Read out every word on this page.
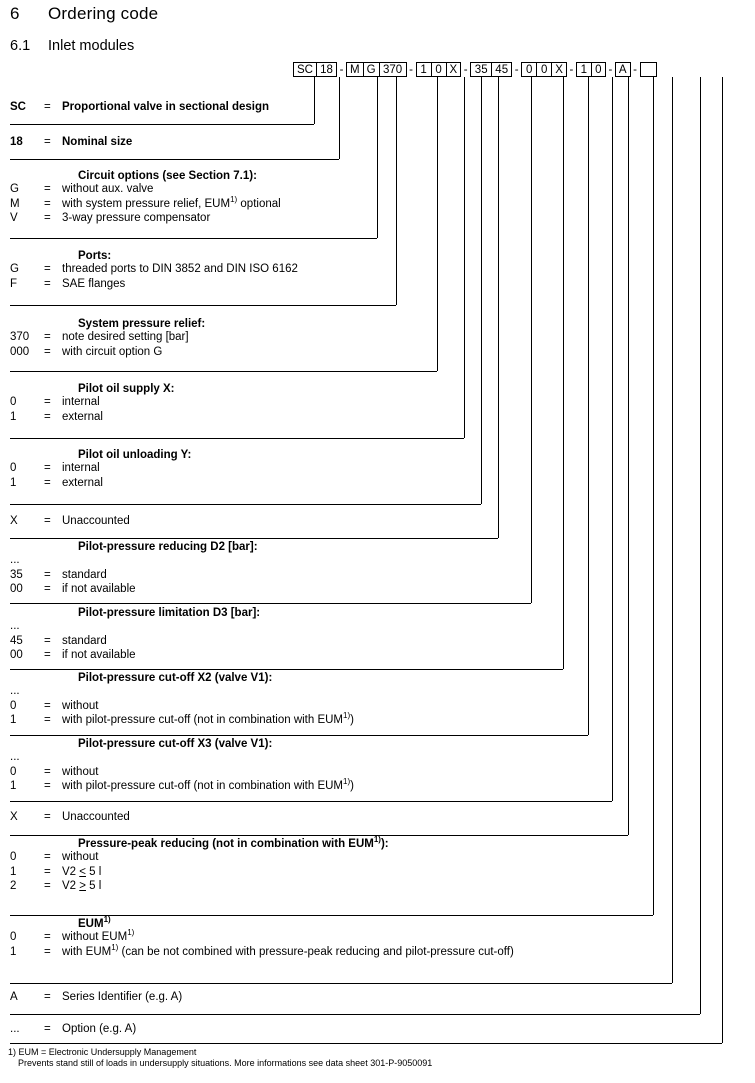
6 Ordering code
6.1 Inlet modules
SC 18 - M G 370 - 1 0 X - 35 45 - 0 0 X - 1 0 - A -
SC	= Proportional valve in sectional design
18	= Nominal size
Circuit options (see Section 7.1):
G	= without aux. valve
M	= with system pressure relief, EUM$^{1)}$ optional
V	= 3-way pressure compensator
Ports:
G	= threaded ports to DIN 3852 and DIN ISO 6162
F	= SAE flanges
System pressure relief:
370	= note desired setting [bar]
000	= with circuit option G
Pilot oil supply X:
0	= internal
1	= external
Pilot oil unloading Y:
0	= internal
1	= external
X	= Unaccounted
Pilot-pressure reducing D2 [bar]:
...
35	= standard
00	= if not available
Pilot-pressure limitation D3 [bar]:
...
45	= standard
00	= if not available
Pilot-pressure cut-off X2 (valve V1):
...
0	= without
1	= with pilot-pressure cut-off (not in combination with EUM$^{1)}$)
Pilot-pressure cut-off X3 (valve V1):
...
0	= without
1	= with pilot-pressure cut-off (not in combination with EUM$^{1)}$)
X	= Unaccounted
Pressure-peak reducing (not in combination with EUM$^{1)}$):
0	= without
1	= V2 < 5 l
2	= V2 > 5 l
EUM$^{1)}$
0	= without EUM$^{1)}$
1	= with EUM$^{1)}$ (can be not combined with pressure-peak reducing and pilot-pressure cut-off)
A	= Series Identifier (e.g. A)
...	= Option (e.g. A)
1) EUM = Electronic Undersupply Management
Prevents stand still of loads in undersupply situations. More informations see data sheet 301-P-9050091
